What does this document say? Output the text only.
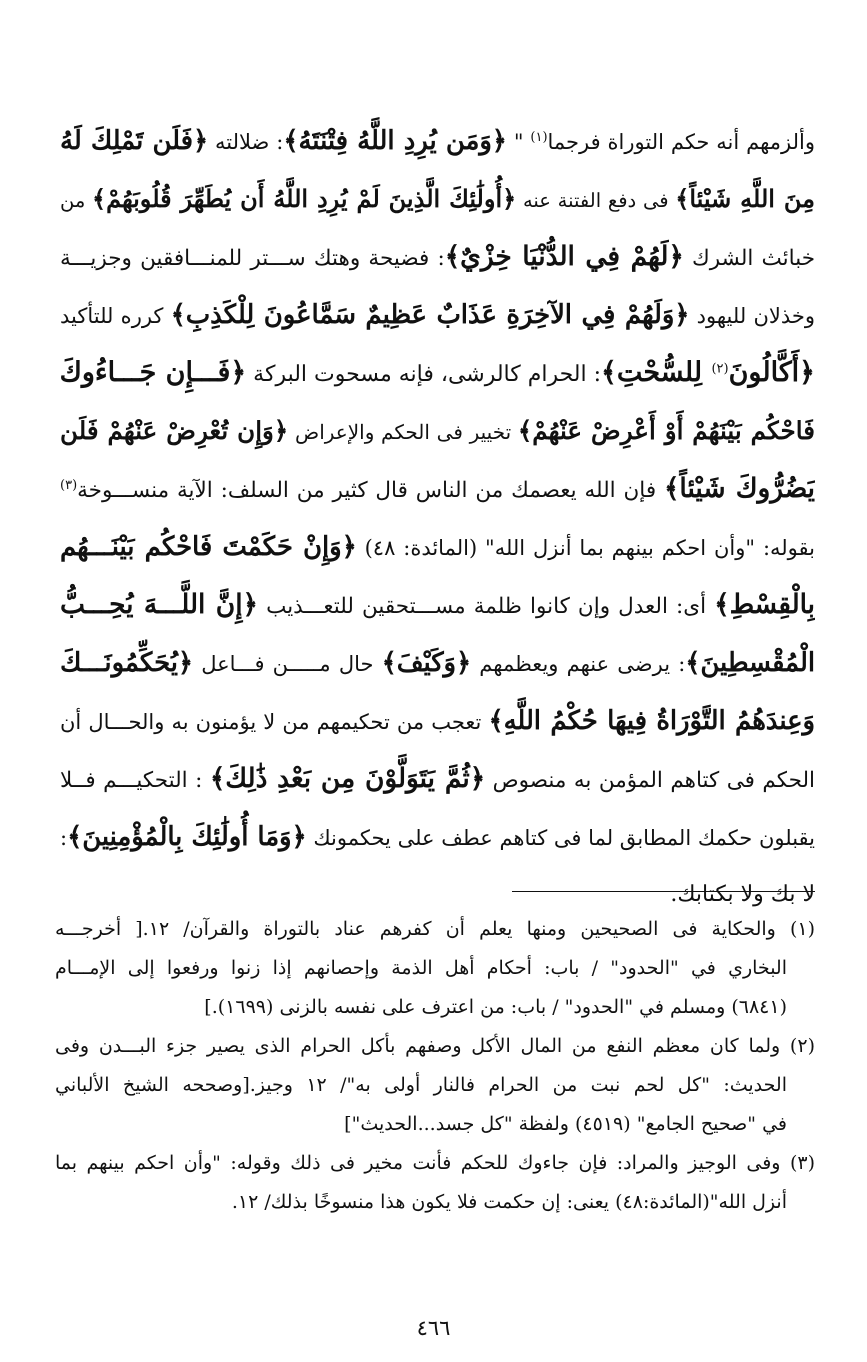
وألزمهم أنه حكم التوراة فرجما$^{(١)}$ " ﴿وَمَن يُرِدِ اللَّهُ فِتْنَتَهُ﴾: ضلالته ﴿فَلَن تَمْلِكَ لَهُ
مِنَ اللَّهِ شَيْئاً﴾ فى دفع الفتنة عنه ﴿أُولَٰئِكَ الَّذِينَ لَمْ يُرِدِ اللَّهُ أَن يُطَهِّرَ قُلُوبَهُمْ﴾ من
خبائث الشرك ﴿لَهُمْ فِي الدُّنْيَا خِزْيٌ﴾: فضيحة وهتك ســـتر للمنـــافقين وجزيـــة
وخذلان لليهود ﴿وَلَهُمْ فِي الآخِرَةِ عَذَابٌ عَظِيمٌ سَمَّاعُونَ لِلْكَذِبِ﴾ كرره للتأكيد
﴿أَكَّالُونَ$^{(٢)}$ لِلسُّحْتِ﴾: الحرام كالرشى، فإنه مسحوت البركة ﴿فَـــإِن جَـــاءُوكَ
فَاحْكُم بَيْنَهُمْ أَوْ أَعْرِضْ عَنْهُمْ﴾ تخيير فى الحكم والإعراض ﴿وَإِن تُعْرِضْ عَنْهُمْ فَلَن
يَضُرُّوكَ شَيْئاً﴾ فإن الله يعصمك من الناس قال كثير من السلف: الآية منســـوخة$^{(٣)}$
بقوله: "وأن احكم بينهم بما أنزل الله" (المائدة: ٤٨) ﴿وَإِنْ حَكَمْتَ فَاحْكُم بَيْنَـــهُم
بِالْقِسْطِ﴾ أى: العدل وإن كانوا ظلمة مســـتحقين للتعـــذيب ﴿إِنَّ اللَّـــهَ يُحِـــبُّ
الْمُقْسِطِينَ﴾: يرضى عنهم ويعظمهم ﴿وَكَيْفَ﴾ حال مـــــن فـــاعل ﴿يُحَكِّمُونَـــكَ
وَعِندَهُمُ التَّوْرَاةُ فِيهَا حُكْمُ اللَّهِ﴾ تعجب من تحكيمهم من لا يؤمنون به والحـــال أن
الحكم فى كتاهم المؤمن به منصوص ﴿ثُمَّ يَتَوَلَّوْنَ مِن بَعْدِ ذَٰلِكَ﴾ : التحكيـــم فــلا
يقبلون حكمك المطابق لما فى كتاهم عطف على يحكمونك ﴿وَمَا أُولَٰئِكَ بِالْمُؤْمِنِينَ﴾:
لا بك ولا بكتابك.
(١) والحكاية فى الصحيحين ومنها يعلم أن كفرهم عناد بالتوراة والقرآن/ ١٢.[ أخرجـــه
البخاري في "الحدود" / باب: أحكام أهل الذمة وإحصانهم إذا زنوا ورفعوا إلى الإمـــام
(٦٨٤١) ومسلم في "الحدود" / باب: من اعترف على نفسه بالزنى (١٦٩٩).]
(٢) ولما كان معظم النفع من المال الأكل وصفهم بأكل الحرام الذى يصير جزء البـــدن وفى
الحديث: "كل لحم نبت من الحرام فالنار أولى به"/ ١٢ وجيز.[وصححه الشيخ الألباني
في "صحيح الجامع" (٤٥١٩) ولفظة "كل جسد...الحديث"]
(٣) وفى الوجيز والمراد: فإن جاءوك للحكم فأنت مخير فى ذلك وقوله: "وأن احكم بينهم بما
أنزل الله"(المائدة:٤٨) يعنى: إن حكمت فلا يكون هذا منسوخًا بذلك/ ١٢.
٤٦٦
